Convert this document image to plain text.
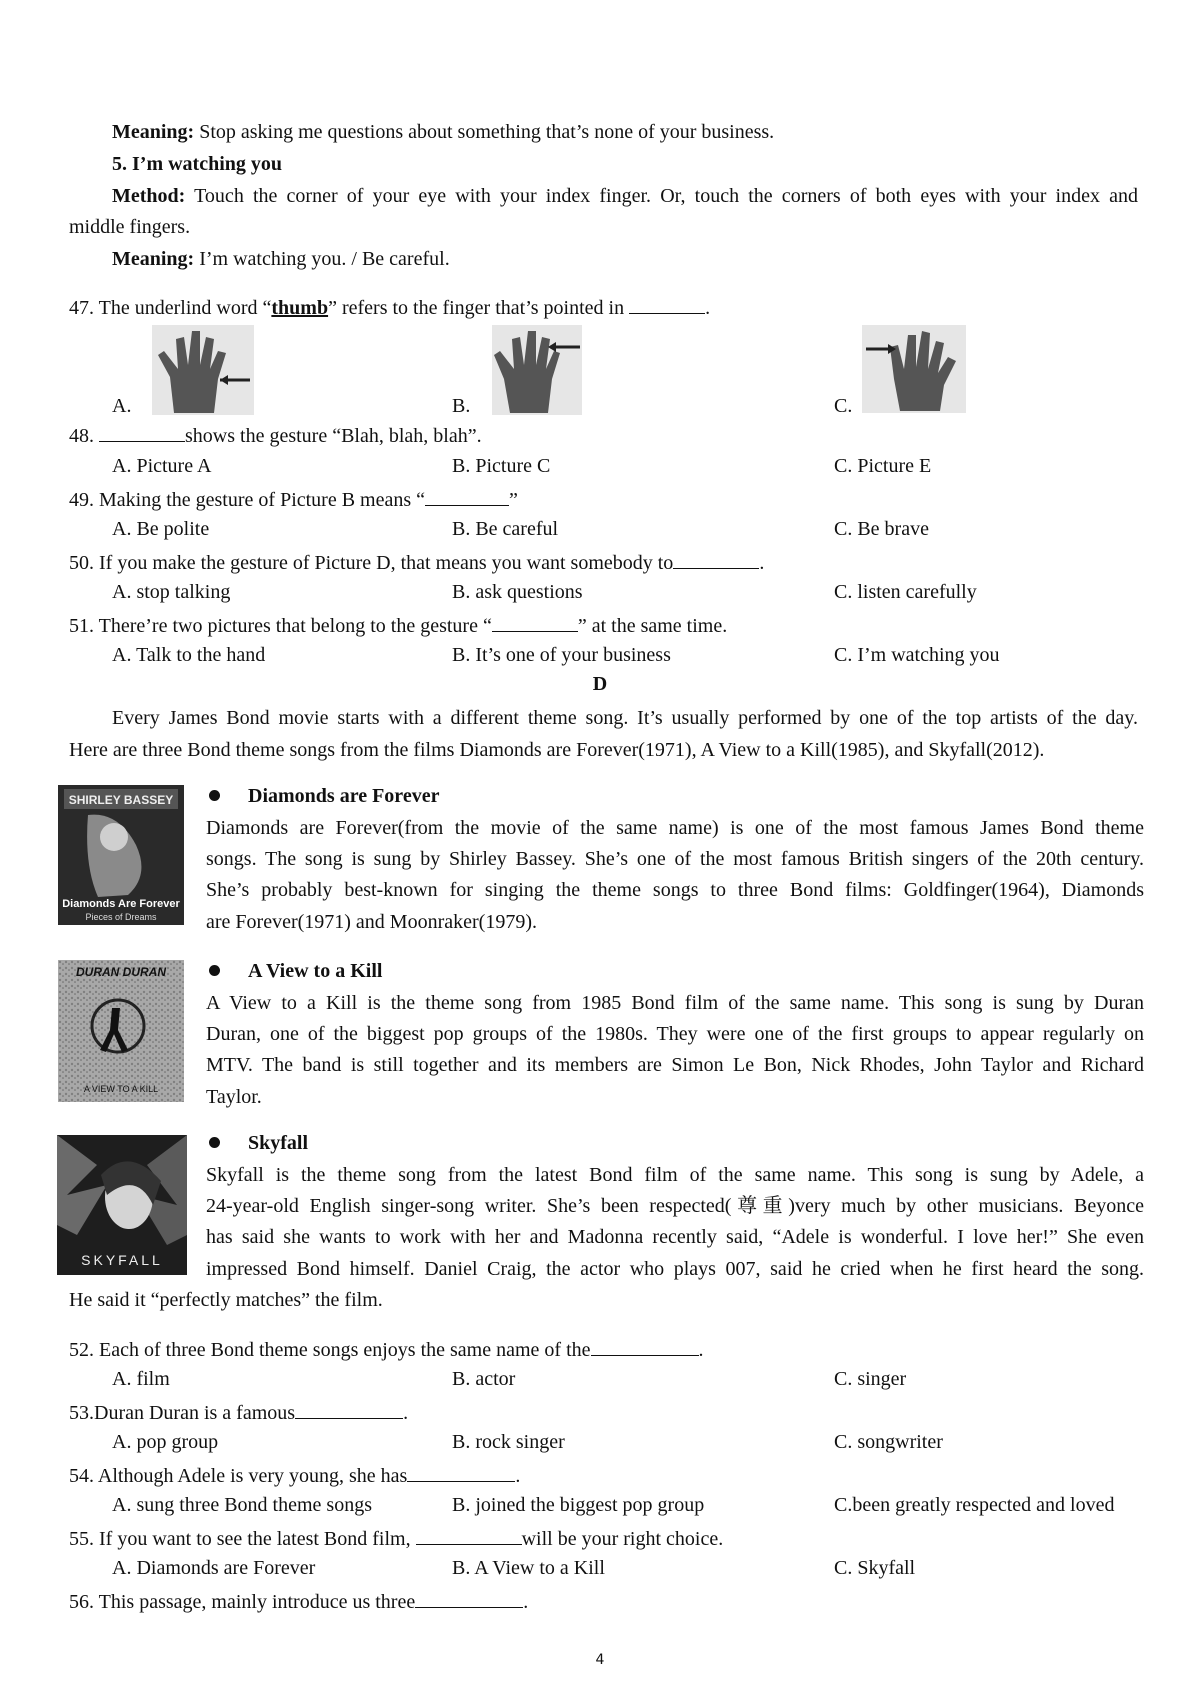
Meaning: Stop asking me questions about something that’s none of your business.
5. I’m watching you
Method: Touch the corner of your eye with your index finger. Or, touch the corners of both eyes with your index and
middle fingers.
Meaning: I’m watching you. / Be careful.
47. The underlind word “thumb” refers to the finger that’s pointed in	.
A.	B.	C.
48.	shows the gesture “Blah, blah, blah”.
A. Picture A	B. Picture C	C. Picture E
49. Making the gesture of Picture B means “	”
A. Be polite	B. Be careful	C. Be brave
50. If you make the gesture of Picture D, that means you want somebody to	.
A. stop talking	B. ask questions	C. listen carefully
51. There’re two pictures that belong to the gesture “	” at the same time.
A. Talk to the hand	B. It’s one of your business	C. I’m watching you
D
Every James Bond movie starts with a different theme song. It’s usually performed by one of the top artists of the day.
Here are three Bond theme songs from the films Diamonds are Forever(1971), A View to a Kill(1985), and Skyfall(2012).
SHIRLEY BASSEY
Diamonds Are Forever
Pieces of Dreams
Diamonds are Forever
Diamonds are Forever(from the movie of the same name) is one of the most famous James Bond theme
songs. The song is sung by Shirley Bassey. She’s one of the most famous British singers of the 20th century.
She’s probably best-known for singing the theme songs to three Bond films: Goldfinger(1964), Diamonds
are Forever(1971) and Moonraker(1979).
DURAN DURAN
A VIEW TO A KILL
A View to a Kill
A View to a Kill is the theme song from 1985 Bond film of the same name. This song is sung by Duran
Duran, one of the biggest pop groups of the 1980s. They were one of the first groups to appear regularly on
MTV. The band is still together and its members are Simon Le Bon, Nick Rhodes, John Taylor and Richard
Taylor.
SKYFALL
Skyfall
Skyfall is the theme song from the latest Bond film of the same name. This song is sung by Adele, a
24-year-old English singer-song writer. She’s been respected(尊重)very much by other musicians. Beyonce
has said she wants to work with her and Madonna recently said, “Adele is wonderful. I love her!” She even
impressed Bond himself. Daniel Craig, the actor who plays 007, said he cried when he first heard the song.
He said it “perfectly matches” the film.
52. Each of three Bond theme songs enjoys the same name of the	.
A. film	B. actor	C. singer
53.Duran Duran is a famous	.
A. pop group	B. rock singer	C. songwriter
54. Although Adele is very young, she has	.
A. sung three Bond theme songs	B. joined the biggest pop group	C.been greatly respected and loved
55. If you want to see the latest Bond film,	will be your right choice.
A. Diamonds are Forever	B. A View to a Kill	C. Skyfall
56. This passage, mainly introduce us three	.
4
